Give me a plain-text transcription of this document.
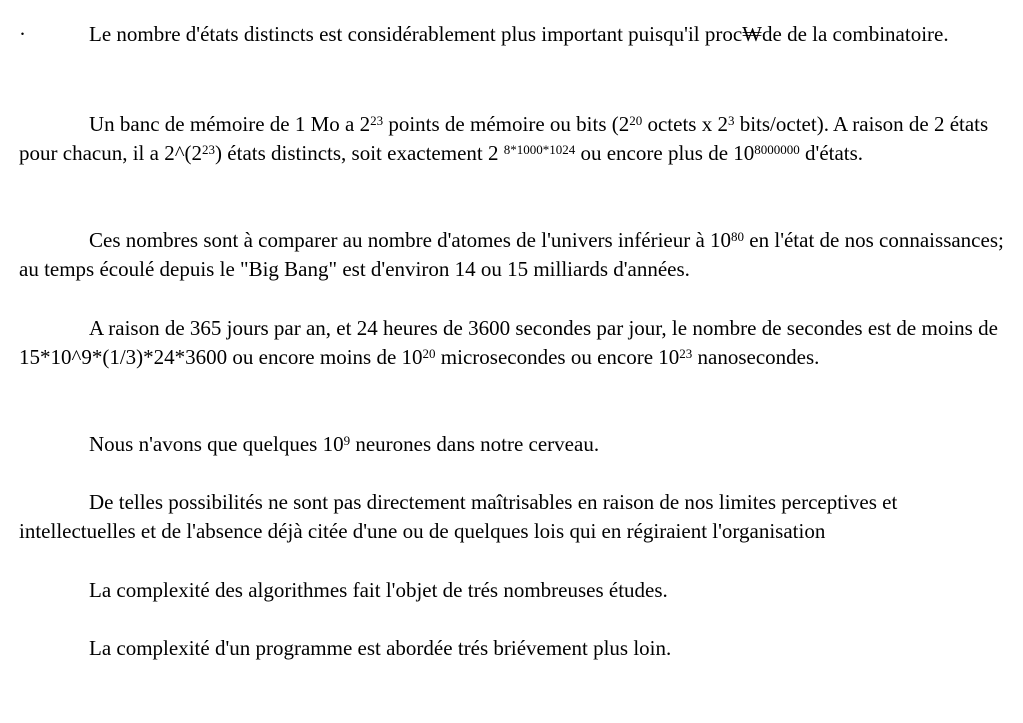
·	Le nombre d'états distincts est considérablement plus important puisqu'il proc₩de de la combinatoire.

Un banc de mémoire de 1 Mo a $2^{23}$ points de mémoire ou bits ($2^{20}$ octets x $2^3$ bits/octet). A raison de 2 états pour chacun, il a $2\^{}(2^{23})$ états distincts, soit exactement 2 $^{8*1000*1024}$ ou encore plus de $10^{8000000}$ d'états.

Ces nombres sont à comparer au nombre d'atomes de l'univers inférieur à $10^{80}$ en l'état de nos connaissances; au temps écoulé depuis le "Big Bang" est d'environ 14 ou 15 milliards d'années.

A raison de 365 jours par an, et 24 heures de 3600 secondes par jour, le nombre de secondes est de moins de 15*10^9*(1/3)*24*3600 ou encore moins de $10^{20}$ microsecondes ou encore $10^{23}$ nanosecondes.

Nous n'avons que quelques $10^9$ neurones dans notre cerveau.

De telles possibilités ne sont pas directement maîtrisables en raison de nos limites perceptives et intellectuelles et de l'absence déjà citée d'une ou de quelques lois qui en régiraient l'organisation

La complexité des algorithmes fait l'objet de trés nombreuses études.

La complexité d'un programme est abordée trés briévement plus loin.
